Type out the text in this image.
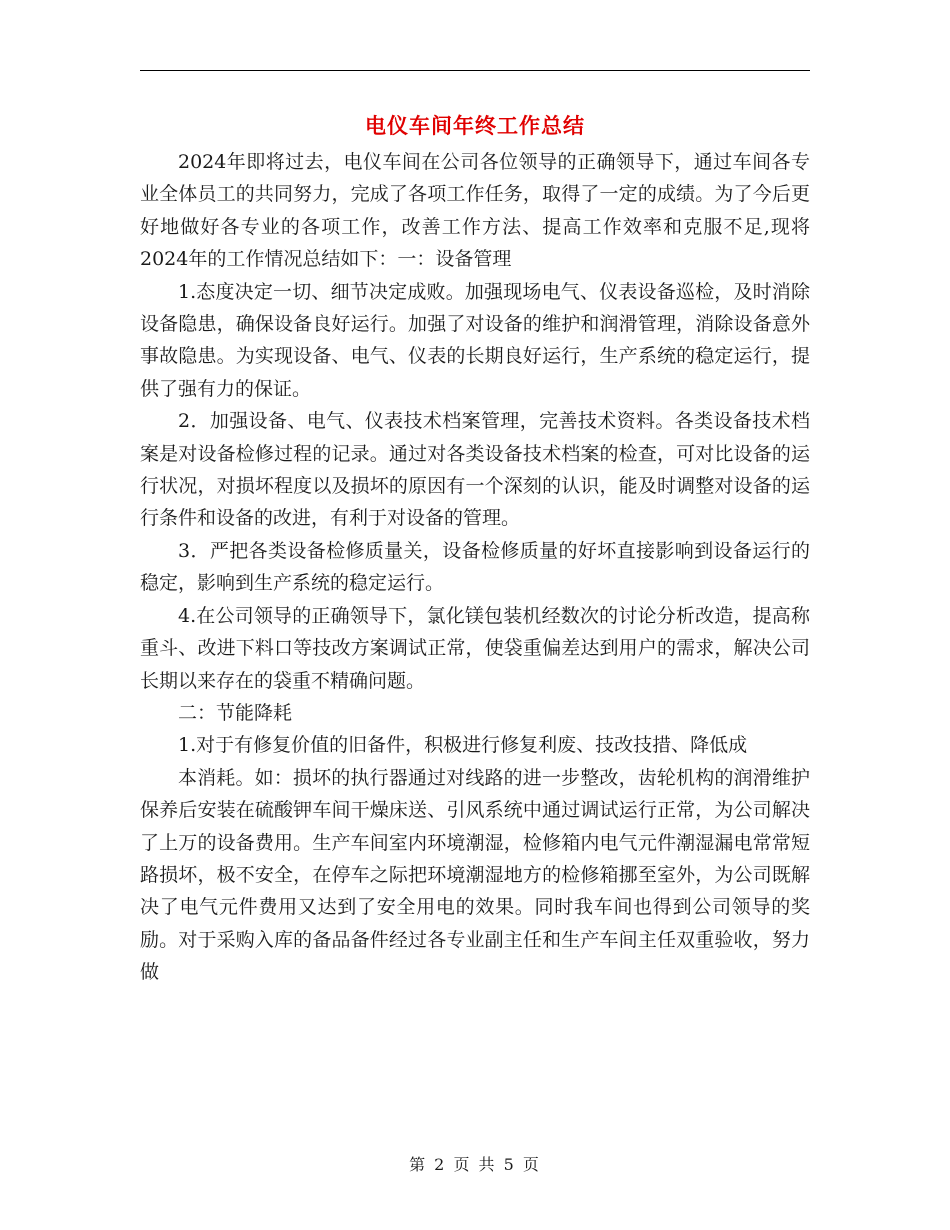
电仪车间年终工作总结

2024年即将过去，电仪车间在公司各位领导的正确领导下，通过车间各专业全体员工的共同努力，完成了各项工作任务，取得了一定的成绩。为了今后更好地做好各专业的各项工作，改善工作方法、提高工作效率和克服不足,现将2024年的工作情况总结如下：一：设备管理

1.态度决定一切、细节决定成败。加强现场电气、仪表设备巡检，及时消除设备隐患，确保设备良好运行。加强了对设备的维护和润滑管理，消除设备意外事故隐患。为实现设备、电气、仪表的长期良好运行，生产系统的稳定运行，提供了强有力的保证。

2．加强设备、电气、仪表技术档案管理，完善技术资料。各类设备技术档案是对设备检修过程的记录。通过对各类设备技术档案的检查，可对比设备的运行状况，对损坏程度以及损坏的原因有一个深刻的认识，能及时调整对设备的运行条件和设备的改进，有利于对设备的管理。

3．严把各类设备检修质量关，设备检修质量的好坏直接影响到设备运行的稳定，影响到生产系统的稳定运行。

4.在公司领导的正确领导下，氯化镁包装机经数次的讨论分析改造，提高称重斗、改进下料口等技改方案调试正常，使袋重偏差达到用户的需求，解决公司长期以来存在的袋重不精确问题。

二：节能降耗

1.对于有修复价值的旧备件，积极进行修复利废、技改技措、降低成

本消耗。如：损坏的执行器通过对线路的进一步整改，齿轮机构的润滑维护保养后安装在硫酸钾车间干燥床送、引风系统中通过调试运行正常，为公司解决了上万的设备费用。生产车间室内环境潮湿，检修箱内电气元件潮湿漏电常常短路损坏，极不安全，在停车之际把环境潮湿地方的检修箱挪至室外，为公司既解决了电气元件费用又达到了安全用电的效果。同时我车间也得到公司领导的奖励。对于采购入库的备品备件经过各专业副主任和生产车间主任双重验收，努力做

第 2 页 共 5 页
